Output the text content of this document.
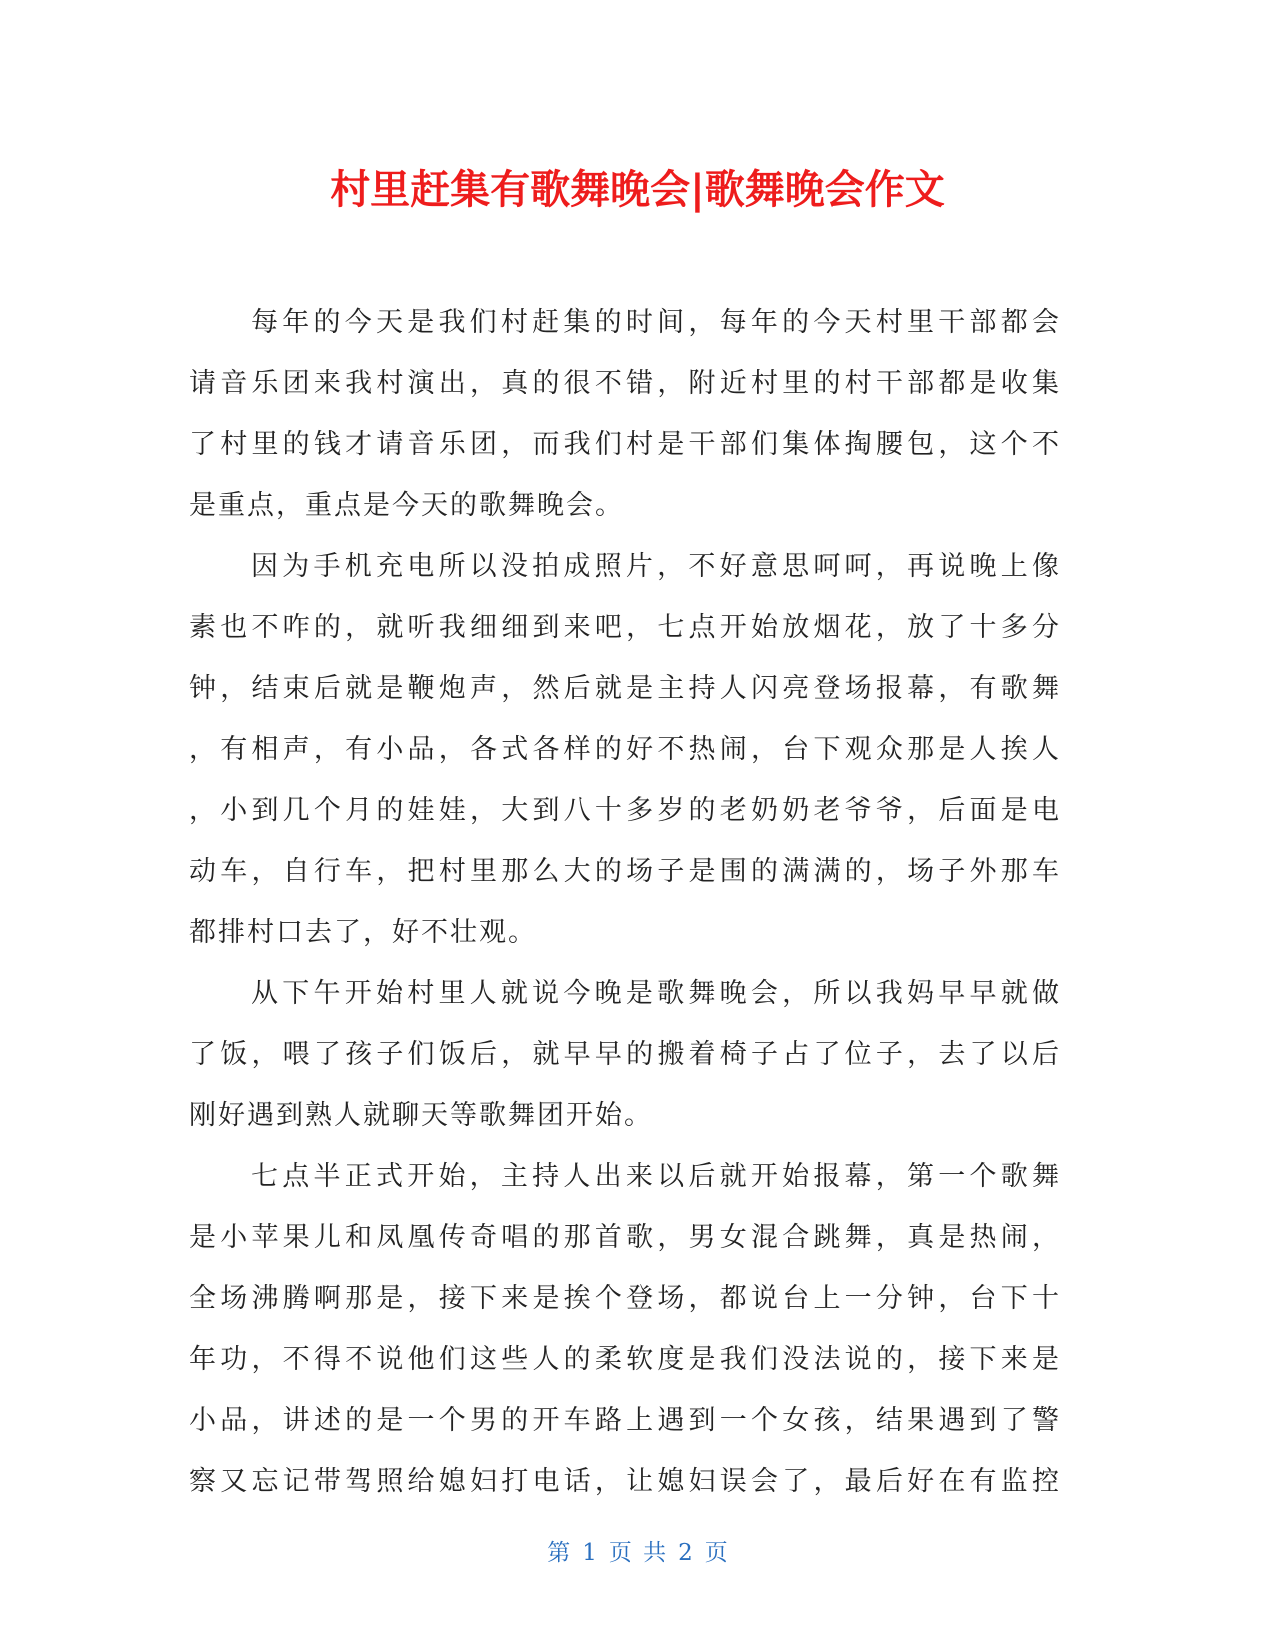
村里赶集有歌舞晚会|歌舞晚会作文
每年的今天是我们村赶集的时间，每年的今天村里干部都会
请音乐团来我村演出，真的很不错，附近村里的村干部都是收集
了村里的钱才请音乐团，而我们村是干部们集体掏腰包，这个不
是重点，重点是今天的歌舞晚会。
因为手机充电所以没拍成照片，不好意思呵呵，再说晚上像
素也不咋的，就听我细细到来吧，七点开始放烟花，放了十多分
钟，结束后就是鞭炮声，然后就是主持人闪亮登场报幕，有歌舞
，有相声，有小品，各式各样的好不热闹，台下观众那是人挨人
，小到几个月的娃娃，大到八十多岁的老奶奶老爷爷，后面是电
动车，自行车，把村里那么大的场子是围的满满的，场子外那车
都排村口去了，好不壮观。
从下午开始村里人就说今晚是歌舞晚会，所以我妈早早就做
了饭，喂了孩子们饭后，就早早的搬着椅子占了位子，去了以后
刚好遇到熟人就聊天等歌舞团开始。
七点半正式开始，主持人出来以后就开始报幕，第一个歌舞
是小苹果儿和凤凰传奇唱的那首歌，男女混合跳舞，真是热闹，
全场沸腾啊那是，接下来是挨个登场，都说台上一分钟，台下十
年功，不得不说他们这些人的柔软度是我们没法说的，接下来是
小品，讲述的是一个男的开车路上遇到一个女孩，结果遇到了警
察又忘记带驾照给媳妇打电话，让媳妇误会了，最后好在有监控
第 1 页 共 2 页
